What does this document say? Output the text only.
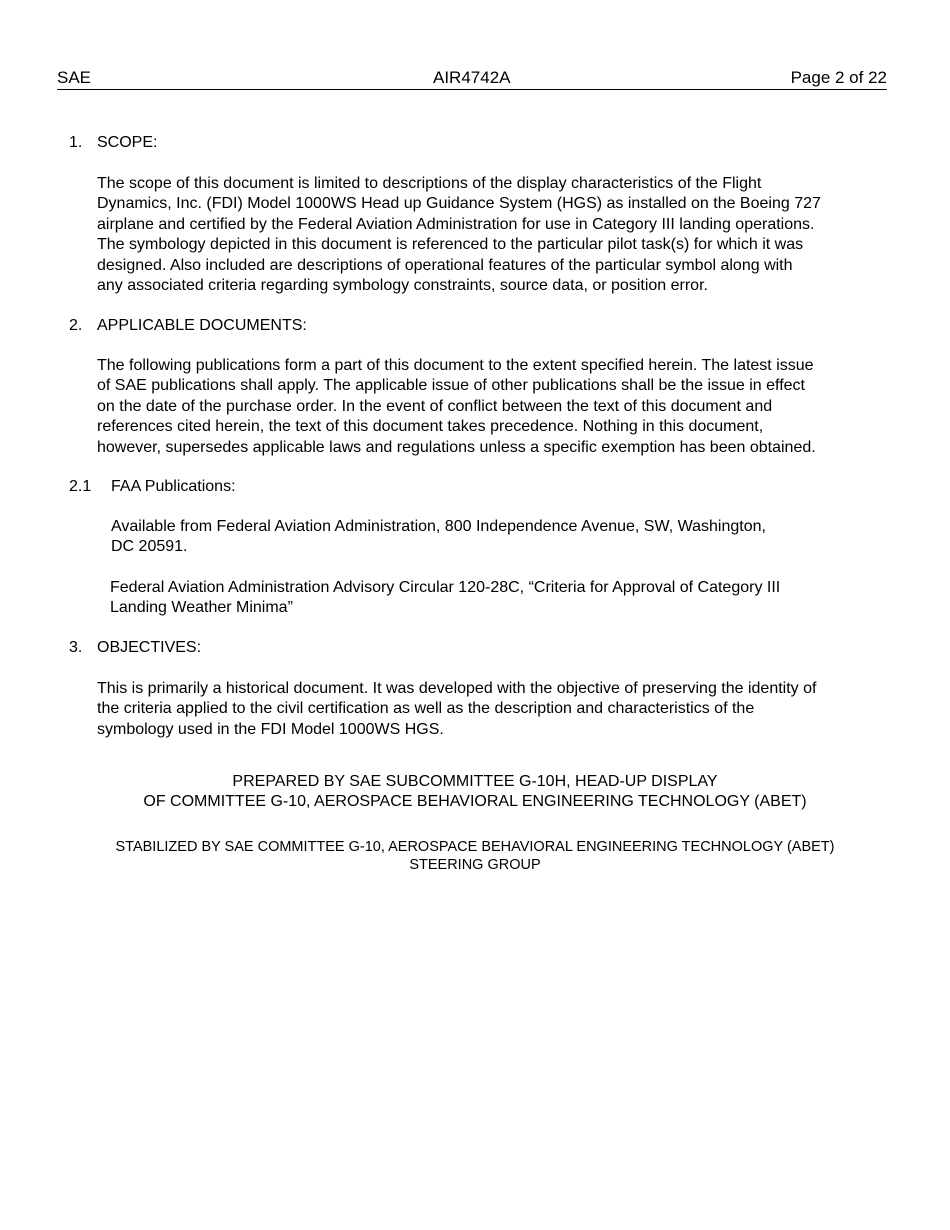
SAE	AIR4742A	Page 2 of 22
1. SCOPE:
The scope of this document is limited to descriptions of the display characteristics of the Flight
Dynamics, Inc. (FDI) Model 1000WS Head up Guidance System (HGS) as installed on the Boeing 727
airplane and certified by the Federal Aviation Administration for use in Category III landing operations.
The symbology depicted in this document is referenced to the particular pilot task(s) for which it was
designed. Also included are descriptions of operational features of the particular symbol along with
any associated criteria regarding symbology constraints, source data, or position error.
2. APPLICABLE DOCUMENTS:
The following publications form a part of this document to the extent specified herein. The latest issue
of SAE publications shall apply. The applicable issue of other publications shall be the issue in effect
on the date of the purchase order. In the event of conflict between the text of this document and
references cited herein, the text of this document takes precedence. Nothing in this document,
however, supersedes applicable laws and regulations unless a specific exemption has been obtained.
2.1 FAA Publications:
Available from Federal Aviation Administration, 800 Independence Avenue, SW, Washington,
DC 20591.
Federal Aviation Administration Advisory Circular 120-28C, “Criteria for Approval of Category III
Landing Weather Minima”
3. OBJECTIVES:
This is primarily a historical document. It was developed with the objective of preserving the identity of
the criteria applied to the civil certification as well as the description and characteristics of the
symbology used in the FDI Model 1000WS HGS.
PREPARED BY SAE SUBCOMMITTEE G-10H, HEAD-UP DISPLAY
OF COMMITTEE G-10, AEROSPACE BEHAVIORAL ENGINEERING TECHNOLOGY (ABET)
STABILIZED BY SAE COMMITTEE G-10, AEROSPACE BEHAVIORAL ENGINEERING TECHNOLOGY (ABET)
STEERING GROUP
